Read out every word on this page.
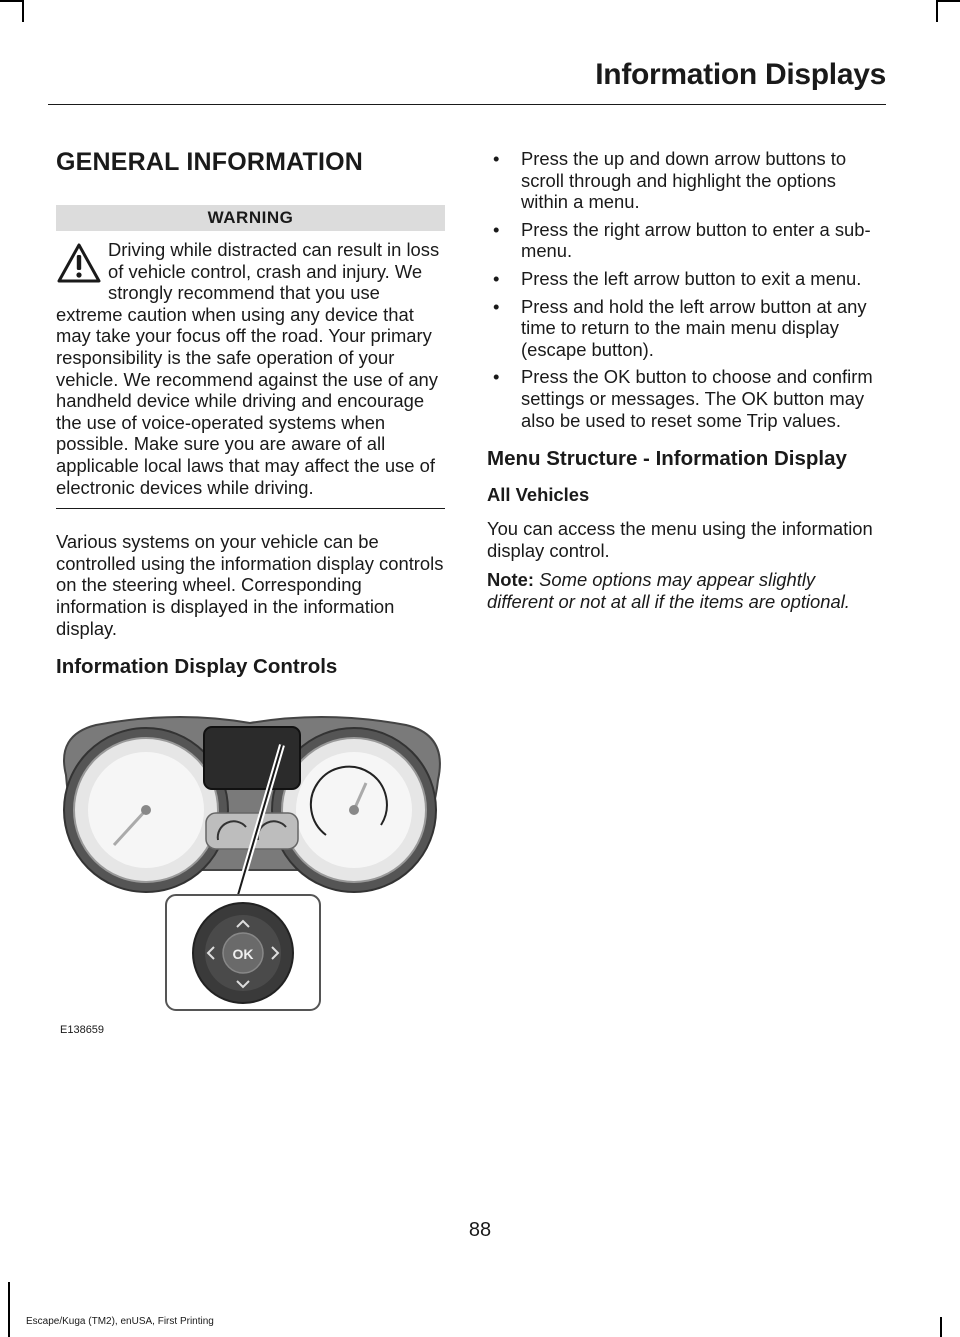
Information Displays
GENERAL INFORMATION
WARNING
Driving while distracted can result in loss of vehicle control, crash and injury. We strongly recommend that you use extreme caution when using any device that may take your focus off the road. Your primary responsibility is the safe operation of your vehicle. We recommend against the use of any handheld device while driving and encourage the use of voice-operated systems when possible. Make sure you are aware of all applicable local laws that may affect the use of electronic devices while driving.

Various systems on your vehicle can be controlled using the information display controls on the steering wheel. Corresponding information is displayed in the information display.

Information Display Controls
OK
E138659
• Press the up and down arrow buttons to scroll through and highlight the options within a menu.
• Press the right arrow button to enter a sub-menu.
• Press the left arrow button to exit a menu.
• Press and hold the left arrow button at any time to return to the main menu display (escape button).
• Press the OK button to choose and confirm settings or messages. The OK button may also be used to reset some Trip values.
Menu Structure - Information Display
All Vehicles

You can access the menu using the information display control.

Note: Some options may appear slightly different or not at all if the items are optional.

88
Escape/Kuga (TM2), enUSA, First Printing
